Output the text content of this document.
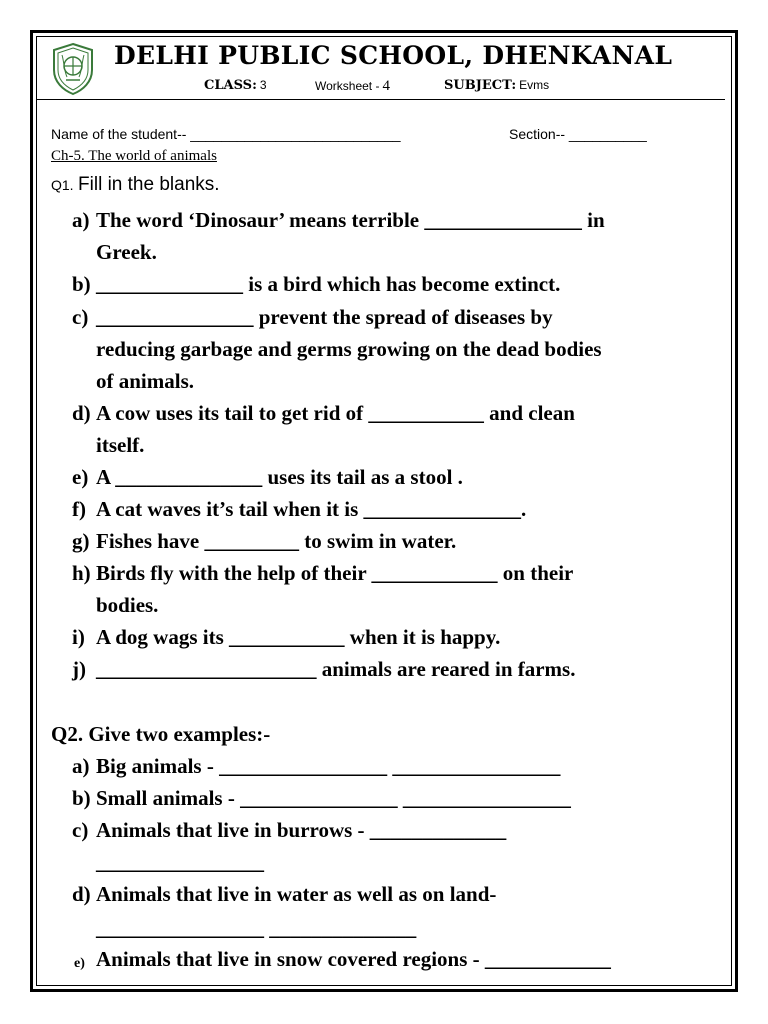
DELHI PUBLIC SCHOOL, DHENKANAL
CLASS: 3	Worksheet - 4	SUBJECT: Evms
Name of the student-- ___________________________	Section-- __________
Ch-5. The world of animals
Q1. Fill in the blanks.
a) The word ‘Dinosaur’ means terrible _______________ in
Greek.
b) ______________ is a bird which has become extinct.
c) _______________ prevent the spread of diseases by
reducing garbage and germs growing on the dead bodies
of animals.
d) A cow uses its tail to get rid of ___________ and clean
itself.
e) A ______________ uses its tail as a stool .
f) A cat waves it’s tail when it is _______________.
g) Fishes have _________ to swim in water.
h) Birds fly with the help of their ____________ on their
bodies.
i) A dog wags its ___________ when it is happy.
j) _____________________ animals are reared in farms.
Q2. Give two examples:-
a) Big animals - ________________ ________________
b) Small animals - _______________ ________________
c) Animals that live in burrows - _____________
________________
d) Animals that live in water as well as on land-
________________ ______________
e) Animals that live in snow covered regions - ____________
